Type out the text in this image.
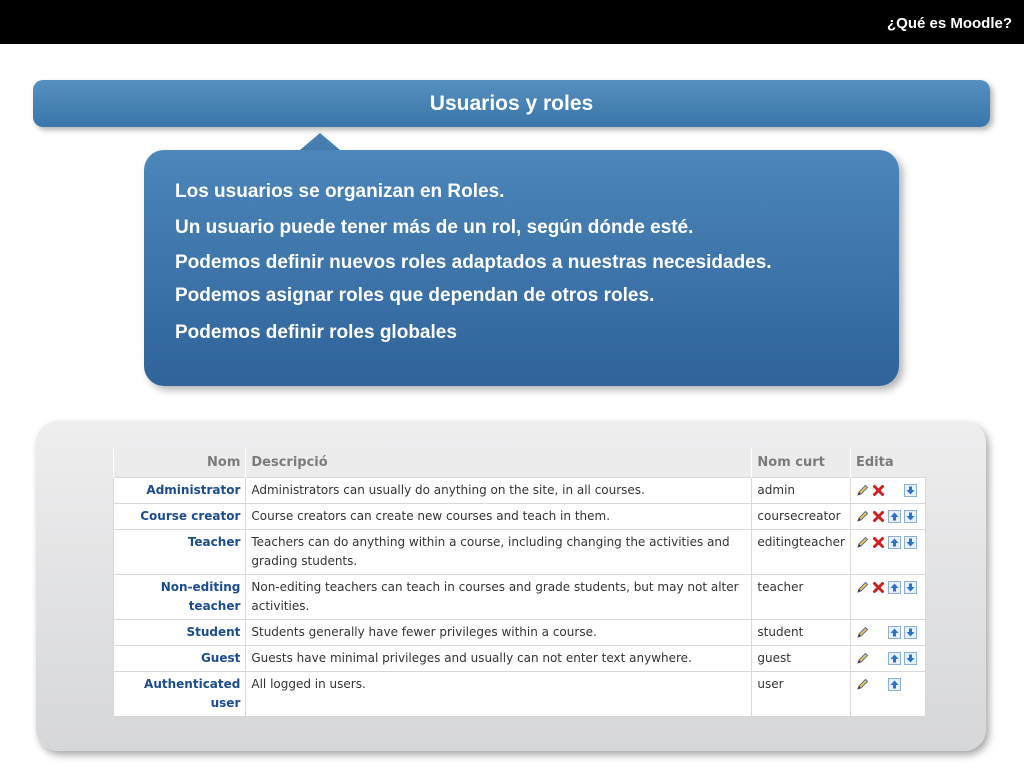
¿Qué es Moodle?
Usuarios y roles
Los usuarios se organizan en Roles.
Un usuario puede tener más de un rol, según dónde esté.
Podemos definir nuevos roles adaptados a nuestras necesidades.
Podemos asignar roles que dependan de otros roles.
Podemos definir roles globales
Nom	Descripció	Nom curt	Edita
Administrator	Administrators can usually do anything on the site, in all courses.	admin	

Course creator	Course creators can create new courses and teach in them.	coursecreator	

Teacher	Teachers can do anything within a course, including changing the activities and grading students.	editingteacher	

Non-editing teacher	Non-editing teachers can teach in courses and grade students, but may not alter activities.	teacher	

Student	Students generally have fewer privileges within a course.	student	

Guest	Guests have minimal privileges and usually can not enter text anywhere.	guest	

Authenticated user	All logged in users.	user	
